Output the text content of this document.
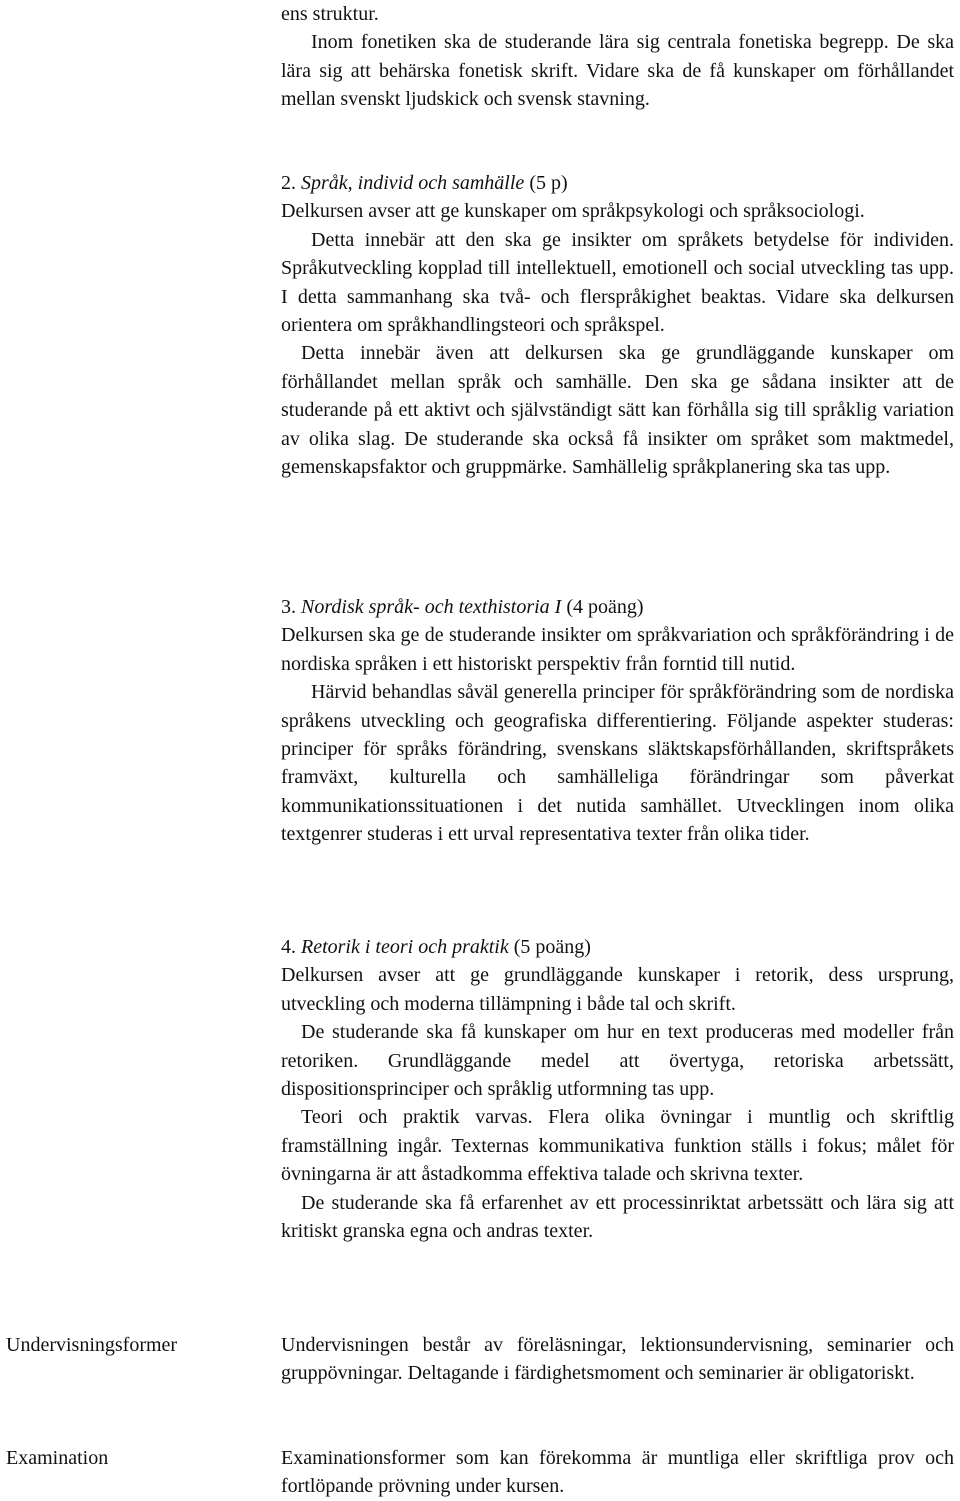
ens struktur.

Inom fonetiken ska de studerande lära sig centrala fonetiska begrepp. De ska lära sig att behärska fonetisk skrift. Vidare ska de få kunskaper om förhållandet mellan svenskt ljudskick och svensk stavning.

2. Språk, individ och samhälle (5 p)

Delkursen avser att ge kunskaper om språkpsykologi och språksociologi.

Detta innebär att den ska ge insikter om språkets betydelse för individen. Språkutveckling kopplad till intellektuell, emotionell och social utveckling tas upp. I detta sammanhang ska två- och flerspråkighet beaktas. Vidare ska delkursen orientera om språkhandlingsteori och språkspel.

Detta innebär även att delkursen ska ge grundläggande kunskaper om förhållandet mellan språk och samhälle. Den ska ge sådana insikter att de studerande på ett aktivt och självständigt sätt kan förhålla sig till språklig variation av olika slag. De studerande ska också få insikter om språket som maktmedel, gemenskapsfaktor och gruppmärke. Samhällelig språkplanering ska tas upp.

3. Nordisk språk- och texthistoria I (4 poäng)

Delkursen ska ge de studerande insikter om språkvariation och språkförändring i de nordiska språken i ett historiskt perspektiv från forntid till nutid.

Härvid behandlas såväl generella principer för språkförändring som de nordiska språkens utveckling och geografiska differentiering. Följande aspekter studeras: principer för språks förändring, svenskans släktskapsförhållanden, skriftspråkets framväxt, kulturella och samhälleliga förändringar som påverkat kommunikationssituationen i det nutida samhället. Utvecklingen inom olika textgenrer studeras i ett urval representativa texter från olika tider.

4. Retorik i teori och praktik (5 poäng)

Delkursen avser att ge grundläggande kunskaper i retorik, dess ursprung, utveckling och moderna tillämpning i både tal och skrift.

De studerande ska få kunskaper om hur en text produceras med modeller från retoriken. Grundläggande medel att övertyga, retoriska arbetssätt, dispositionsprinciper och språklig utformning tas upp.

Teori och praktik varvas. Flera olika övningar i muntlig och skriftlig framställning ingår. Texternas kommunikativa funktion ställs i fokus; målet för övningarna är att åstadkomma effektiva talade och skrivna texter.

De studerande ska få erfarenhet av ett processinriktat arbetssätt och lära sig att kritiskt granska egna och andras texter.

Undervisningsformer	Undervisningen består av föreläsningar, lektionsundervisning, seminarier och gruppövningar. Deltagande i färdighetsmoment och seminarier är obligatoriskt.

Examination	Examinationsformer som kan förekomma är muntliga eller skriftliga prov och fortlöpande prövning under kursen.
